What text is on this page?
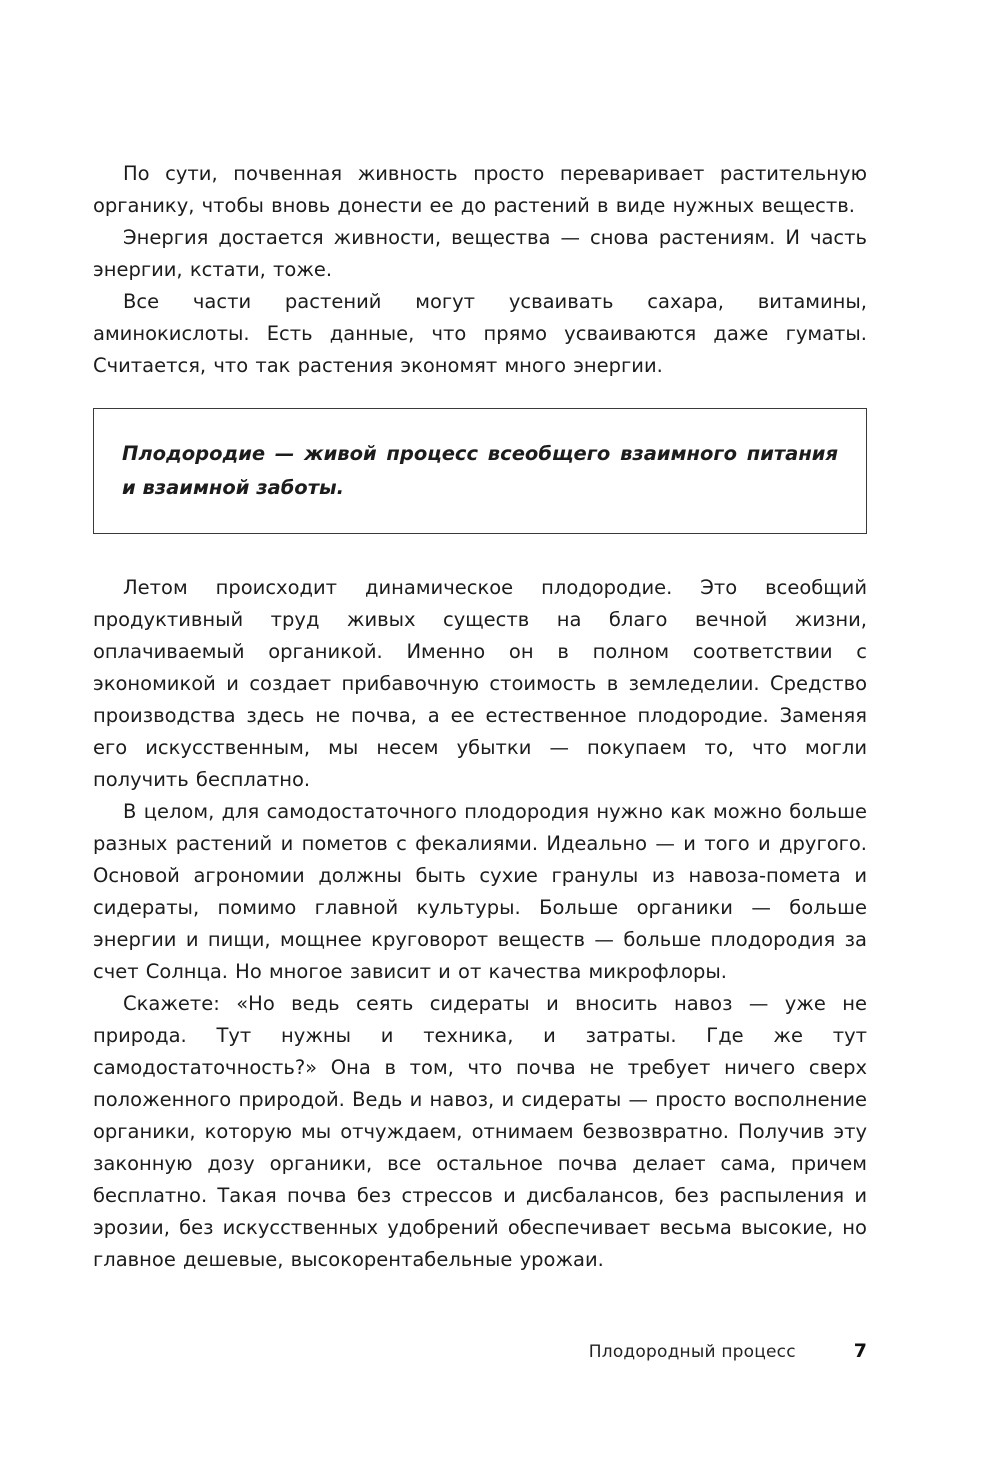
По сути, почвенная живность просто переваривает растительную органику, чтобы вновь донести ее до растений в виде нужных веществ.

Энергия достается живности, вещества — снова растениям. И часть энергии, кстати, тоже.

Все части растений могут усваивать сахара, витамины, аминокислоты. Есть данные, что прямо усваиваются даже гуматы. Считается, что так растения экономят много энергии.

Плодородие — живой процесс всеобщего взаимного питания и взаимной заботы.

Летом происходит динамическое плодородие. Это всеобщий продуктивный труд живых существ на благо вечной жизни, оплачиваемый органикой. Именно он в полном соответствии с экономикой и создает прибавочную стоимость в земледелии. Средство производства здесь не почва, а ее естественное плодородие. Заменяя его искусственным, мы несем убытки — покупаем то, что могли получить бесплатно.

В целом, для самодостаточного плодородия нужно как можно больше разных растений и пометов с фекалиями. Идеально — и того и другого. Основой агрономии должны быть сухие гранулы из навоза-помета и сидераты, помимо главной культуры. Больше органики — больше энергии и пищи, мощнее круговорот веществ — больше плодородия за счет Солнца. Но многое зависит и от качества микрофлоры.

Скажете: «Но ведь сеять сидераты и вносить навоз — уже не природа. Тут нужны и техника, и затраты. Где же тут самодостаточность?» Она в том, что почва не требует ничего сверх положенного природой. Ведь и навоз, и сидераты — просто восполнение органики, которую мы отчуждаем, отнимаем безвозвратно. Получив эту законную дозу органики, все остальное почва делает сама, причем бесплатно. Такая почва без стрессов и дисбалансов, без распыления и эрозии, без искусственных удобрений обеспечивает весьма высокие, но главное дешевые, высокорентабельные урожаи.

Плодородный процесс	7
